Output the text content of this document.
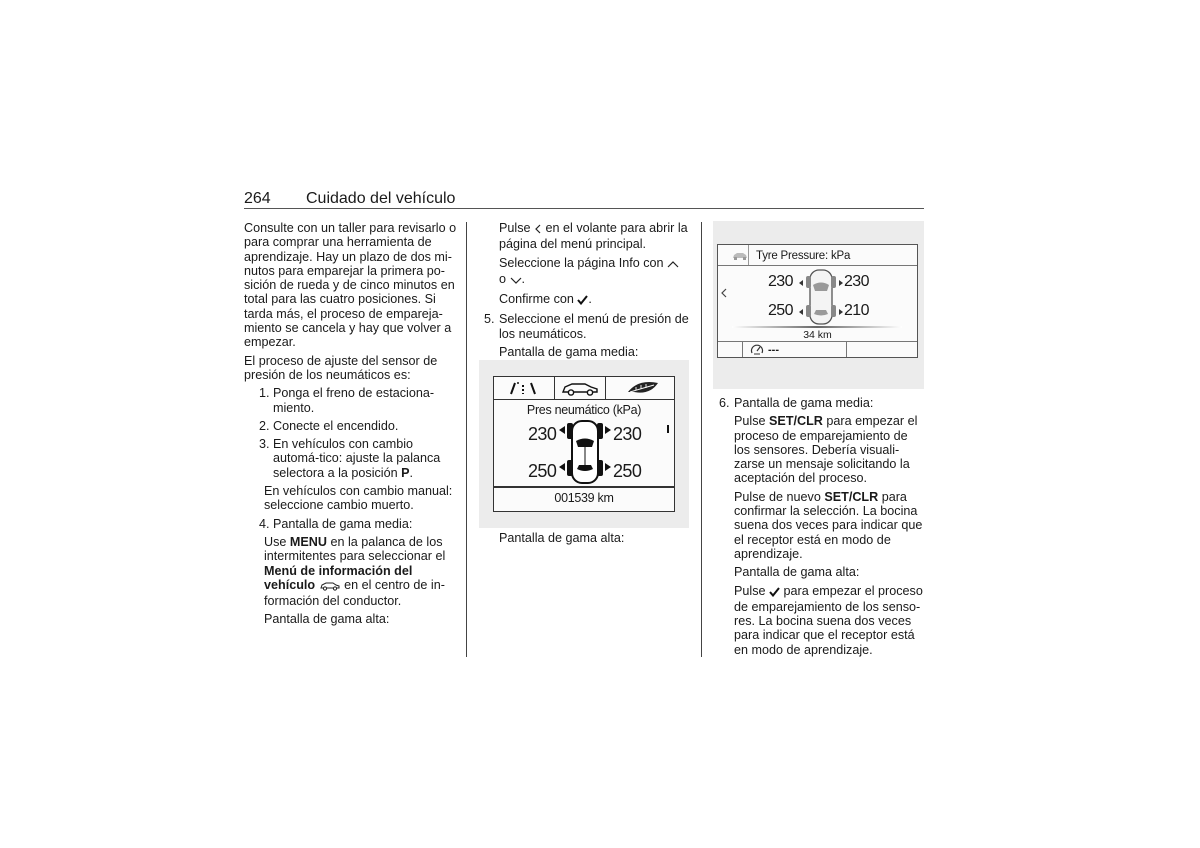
264 Cuidado del vehículo

Consulte con un taller para revisarlo o para comprar una herramienta de aprendizaje. Hay un plazo de dos mi-nutos para emparejar la primera po-sición de rueda y de cinco minutos en total para las cuatro posiciones. Si tarda más, el proceso de empareja-miento se cancela y hay que volver a empezar.

El proceso de ajuste del sensor de presión de los neumáticos es:

1. Ponga el freno de estaciona-miento.
2. Conecte el encendido.
3. En vehículos con cambio automá-tico: ajuste la palanca selectora a la posición P.

En vehículos con cambio manual: seleccione cambio muerto.

4. Pantalla de gama media:

Use MENU en la palanca de los intermitentes para seleccionar el Menú de información del vehículo  en el centro de in-formación del conductor.

Pantalla de gama alta:

Pulse en el volante para abrir la página del menú principal.

Seleccione la página Info con
o .

Confirme con .

5. Seleccione el menú de presión de los neumáticos.

Pantalla de gama media:

Pres neumático (kPa)
230	230
250	250
001539 km
Pantalla de gama alta:
Tyre Pressure: kPa
230	230
250	210
34 km
---
6. Pantalla de gama media:

Pulse SET/CLR para empezar el proceso de emparejamiento de los sensores. Debería visuali-zarse un mensaje solicitando la aceptación del proceso.

Pulse de nuevo SET/CLR para confirmar la selección. La bocina suena dos veces para indicar que el receptor está en modo de aprendizaje.

Pantalla de gama alta:

Pulse para empezar el proceso de emparejamiento de los senso-res. La bocina suena dos veces para indicar que el receptor está en modo de aprendizaje.
